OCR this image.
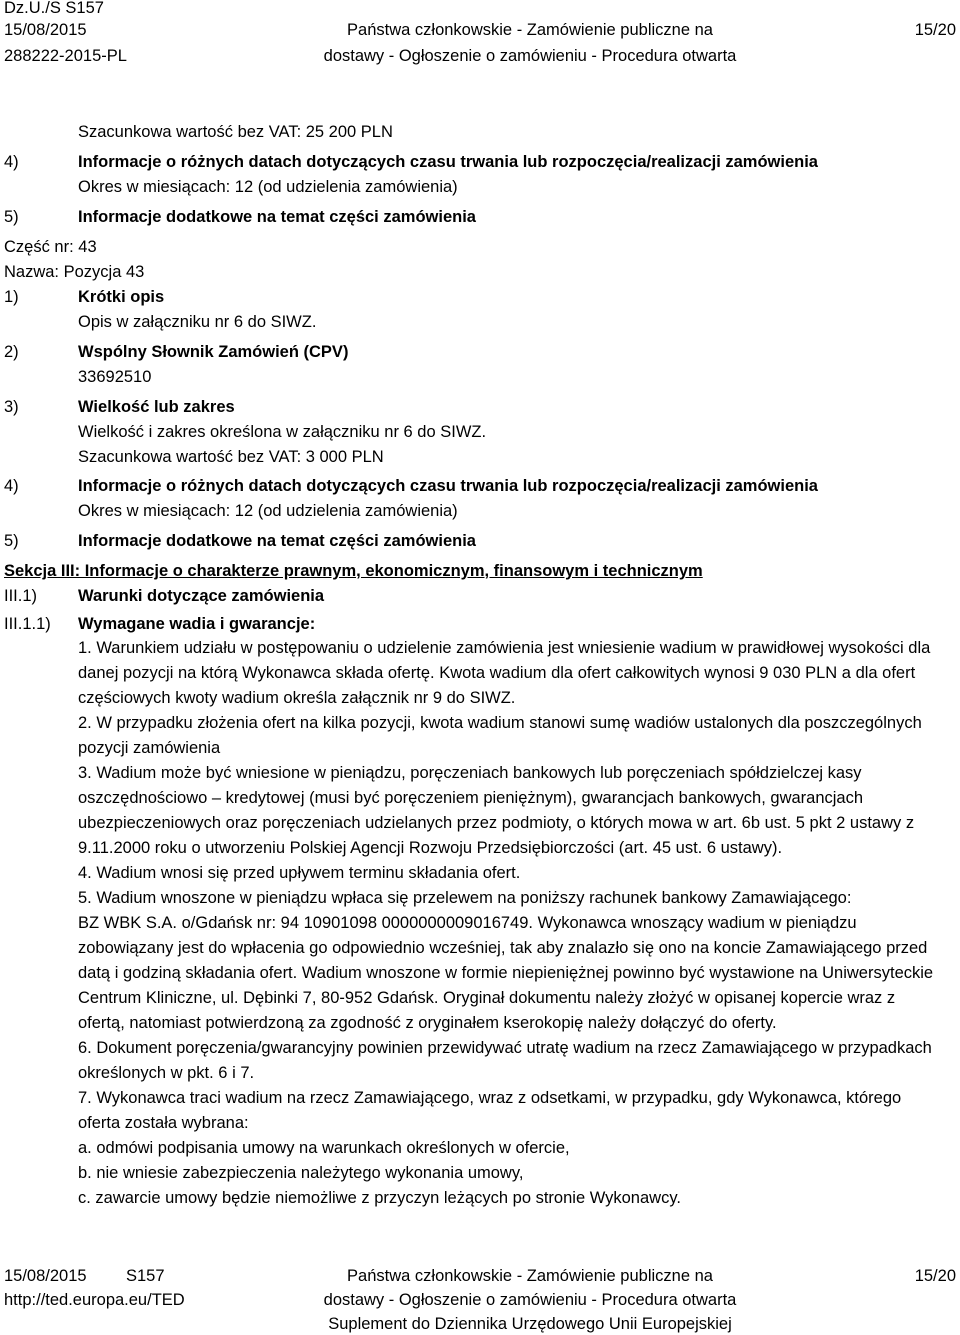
Dz.U./S S157
15/08/2015
288222-2015-PL
Państwa członkowskie - Zamówienie publiczne na
dostawy - Ogłoszenie o zamówieniu - Procedura otwarta
15/20
Szacunkowa wartość bez VAT: 25 200 PLN
4)	Informacje o różnych datach dotyczących czasu trwania lub rozpoczęcia/realizacji zamówienia
Okres w miesiącach: 12 (od udzielenia zamówienia)
5)	Informacje dodatkowe na temat części zamówienia
Część nr: 43
Nazwa: Pozycja 43
1)	Krótki opis
Opis w załączniku nr 6 do SIWZ.
2)	Wspólny Słownik Zamówień (CPV)
33692510
3)	Wielkość lub zakres
Wielkość i zakres określona w załączniku nr 6 do SIWZ.
Szacunkowa wartość bez VAT: 3 000 PLN
4)	Informacje o różnych datach dotyczących czasu trwania lub rozpoczęcia/realizacji zamówienia
Okres w miesiącach: 12 (od udzielenia zamówienia)
5)	Informacje dodatkowe na temat części zamówienia
Sekcja III: Informacje o charakterze prawnym, ekonomicznym, finansowym i technicznym
III.1) Warunki dotyczące zamówienia
III.1.1) Wymagane wadia i gwarancje:

1. Warunkiem udziału w postępowaniu o udzielenie zamówienia jest wniesienie wadium w prawidłowej wysokości dla danej pozycji na którą Wykonawca składa ofertę. Kwota wadium dla ofert całkowitych wynosi 9 030 PLN a dla ofert częściowych kwoty wadium określa załącznik nr 9 do SIWZ.

2. W przypadku złożenia ofert na kilka pozycji, kwota wadium stanowi sumę wadiów ustalonych dla poszczególnych pozycji zamówienia

3. Wadium może być wniesione w pieniądzu, poręczeniach bankowych lub poręczeniach spółdzielczej kasy oszczędnościowo – kredytowej (musi być poręczeniem pieniężnym), gwarancjach bankowych, gwarancjach ubezpieczeniowych oraz poręczeniach udzielanych przez podmioty, o których mowa w art. 6b ust. 5 pkt 2 ustawy z 9.11.2000 roku o utworzeniu Polskiej Agencji Rozwoju Przedsiębiorczości (art. 45 ust. 6 ustawy).

4. Wadium wnosi się przed upływem terminu składania ofert.

5. Wadium wnoszone w pieniądzu wpłaca się przelewem na poniższy rachunek bankowy Zamawiającego:

BZ WBK S.A. o/Gdańsk nr: 94 10901098 0000000009016749. Wykonawca wnoszący wadium w pieniądzu zobowiązany jest do wpłacenia go odpowiednio wcześniej, tak aby znalazło się ono na koncie Zamawiającego przed datą i godziną składania ofert. Wadium wnoszone w formie niepieniężnej powinno być wystawione na Uniwersyteckie Centrum Kliniczne, ul. Dębinki 7, 80-952 Gdańsk. Oryginał dokumentu należy złożyć w opisanej kopercie wraz z ofertą, natomiast potwierdzoną za zgodność z oryginałem kserokopię należy dołączyć do oferty.

6. Dokument poręczenia/gwarancyjny powinien przewidywać utratę wadium na rzecz Zamawiającego w przypadkach określonych w pkt. 6 i 7.

7. Wykonawca traci wadium na rzecz Zamawiającego, wraz z odsetkami, w przypadku, gdy Wykonawca, którego oferta została wybrana:

a. odmówi podpisania umowy na warunkach określonych w ofercie,

b. nie wniesie zabezpieczenia należytego wykonania umowy,

c. zawarcie umowy będzie niemożliwe z przyczyn leżących po stronie Wykonawcy.

15/08/2015 S157
http://ted.europa.eu/TED
Państwa członkowskie - Zamówienie publiczne na
dostawy - Ogłoszenie o zamówieniu - Procedura otwarta
Suplement do Dziennika Urzędowego Unii Europejskiej
15/20
